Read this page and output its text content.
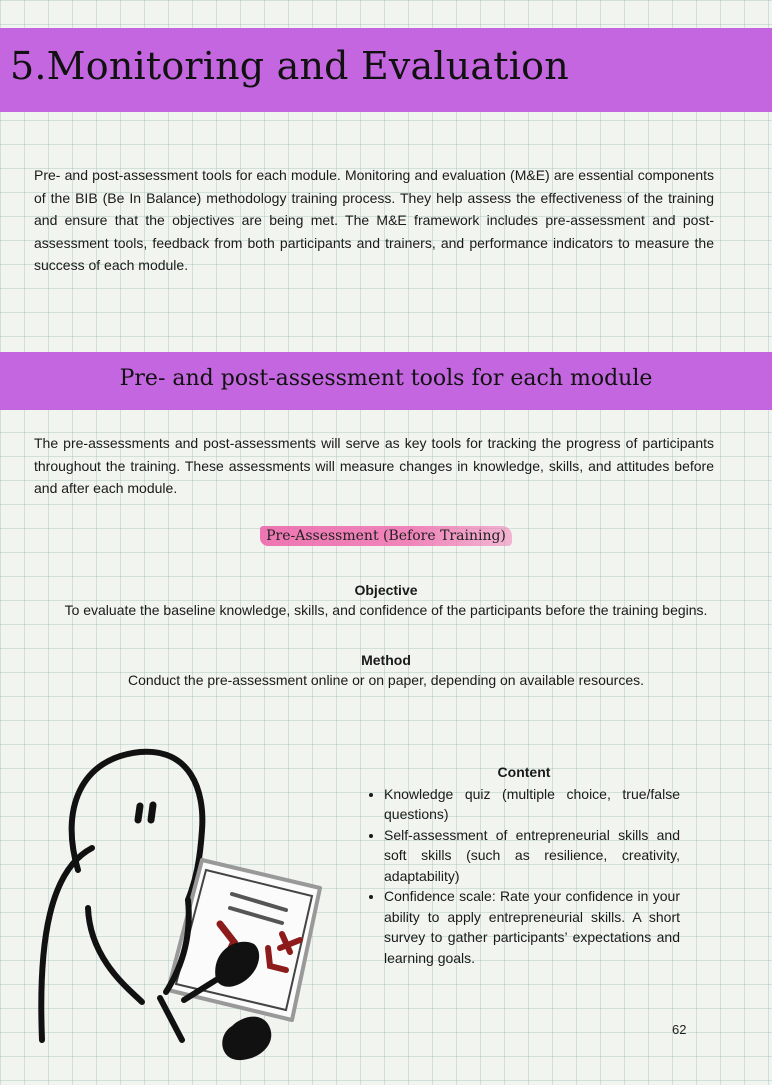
5.Monitoring and Evaluation

Pre- and post-assessment tools for each module. Monitoring and evaluation (M&E) are essential components of the BIB (Be In Balance) methodology training process. They help assess the effectiveness of the training and ensure that the objectives are being met. The M&E framework includes pre-assessment and post-assessment tools, feedback from both participants and trainers, and performance indicators to measure the success of each module.

Pre- and post-assessment tools for each module

The pre-assessments and post-assessments will serve as key tools for tracking the progress of participants throughout the training. These assessments will measure changes in knowledge, skills, and attitudes before and after each module.

Pre-Assessment (Before Training)
Objective
To evaluate the baseline knowledge, skills, and confidence of the participants before the training begins.
Method
Conduct the pre-assessment online or on paper, depending on available resources.
Content
• Knowledge quiz (multiple choice, true/false questions)
• Self-assessment of entrepreneurial skills and soft skills (such as resilience, creativity, adaptability)
• Confidence scale: Rate your confidence in your ability to apply entrepreneurial skills. A short survey to gather participants’ expectations and learning goals.
62
